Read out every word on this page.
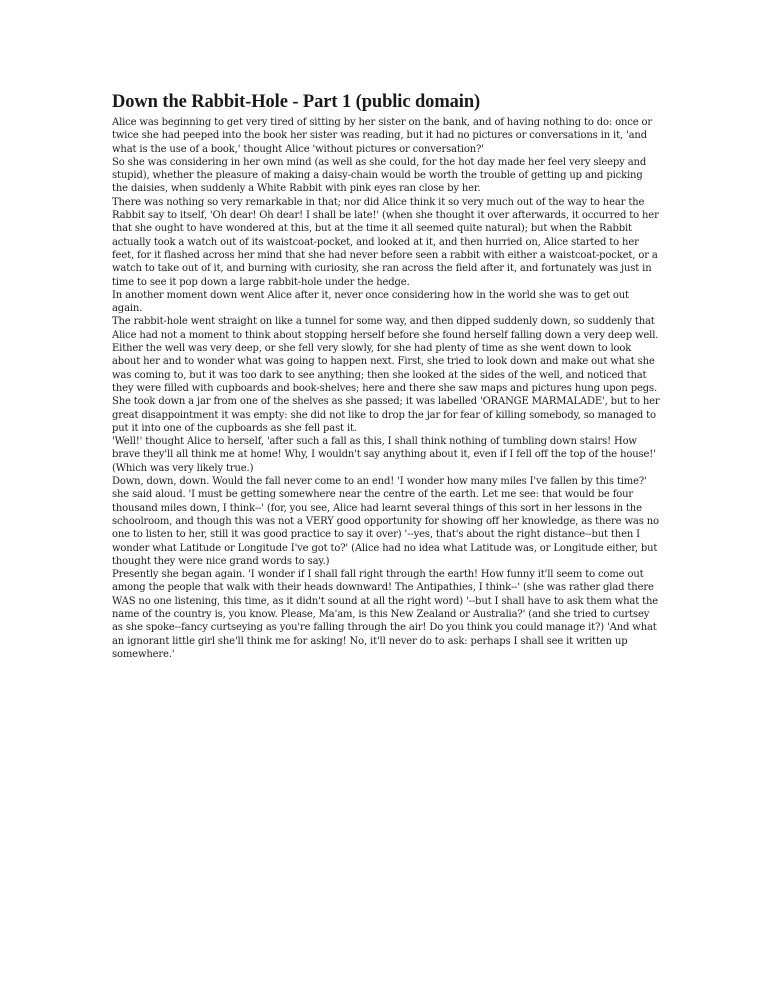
Down the Rabbit-Hole - Part 1 (public domain)

Alice was beginning to get very tired of sitting by her sister on the bank, and of having nothing to do: once or twice she had peeped into the book her sister was reading, but it had no pictures or conversations in it, 'and what is the use of a book,' thought Alice 'without pictures or conversation?'

So she was considering in her own mind (as well as she could, for the hot day made her feel very sleepy and stupid), whether the pleasure of making a daisy-chain would be worth the trouble of getting up and picking the daisies, when suddenly a White Rabbit with pink eyes ran close by her.

There was nothing so very remarkable in that; nor did Alice think it so very much out of the way to hear the Rabbit say to itself, 'Oh dear! Oh dear! I shall be late!' (when she thought it over afterwards, it occurred to her that she ought to have wondered at this, but at the time it all seemed quite natural); but when the Rabbit actually took a watch out of its waistcoat-pocket, and looked at it, and then hurried on, Alice started to her feet, for it flashed across her mind that she had never before seen a rabbit with either a waistcoat-pocket, or a watch to take out of it, and burning with curiosity, she ran across the field after it, and fortunately was just in time to see it pop down a large rabbit-hole under the hedge.

In another moment down went Alice after it, never once considering how in the world she was to get out again.

The rabbit-hole went straight on like a tunnel for some way, and then dipped suddenly down, so suddenly that Alice had not a moment to think about stopping herself before she found herself falling down a very deep well.

Either the well was very deep, or she fell very slowly, for she had plenty of time as she went down to look about her and to wonder what was going to happen next. First, she tried to look down and make out what she was coming to, but it was too dark to see anything; then she looked at the sides of the well, and noticed that they were filled with cupboards and book-shelves; here and there she saw maps and pictures hung upon pegs. She took down a jar from one of the shelves as she passed; it was labelled 'ORANGE MARMALADE', but to her great disappointment it was empty: she did not like to drop the jar for fear of killing somebody, so managed to put it into one of the cupboards as she fell past it.

'Well!' thought Alice to herself, 'after such a fall as this, I shall think nothing of tumbling down stairs! How brave they'll all think me at home! Why, I wouldn't say anything about it, even if I fell off the top of the house!' (Which was very likely true.)

Down, down, down. Would the fall never come to an end! 'I wonder how many miles I've fallen by this time?' she said aloud. 'I must be getting somewhere near the centre of the earth. Let me see: that would be four thousand miles down, I think--' (for, you see, Alice had learnt several things of this sort in her lessons in the schoolroom, and though this was not a VERY good opportunity for showing off her knowledge, as there was no one to listen to her, still it was good practice to say it over) '--yes, that's about the right distance--but then I wonder what Latitude or Longitude I've got to?' (Alice had no idea what Latitude was, or Longitude either, but thought they were nice grand words to say.)

Presently she began again. 'I wonder if I shall fall right through the earth! How funny it'll seem to come out among the people that walk with their heads downward! The Antipathies, I think--' (she was rather glad there WAS no one listening, this time, as it didn't sound at all the right word) '--but I shall have to ask them what the name of the country is, you know. Please, Ma'am, is this New Zealand or Australia?' (and she tried to curtsey as she spoke--fancy curtseying as you're falling through the air! Do you think you could manage it?) 'And what an ignorant little girl she'll think me for asking! No, it'll never do to ask: perhaps I shall see it written up somewhere.'
